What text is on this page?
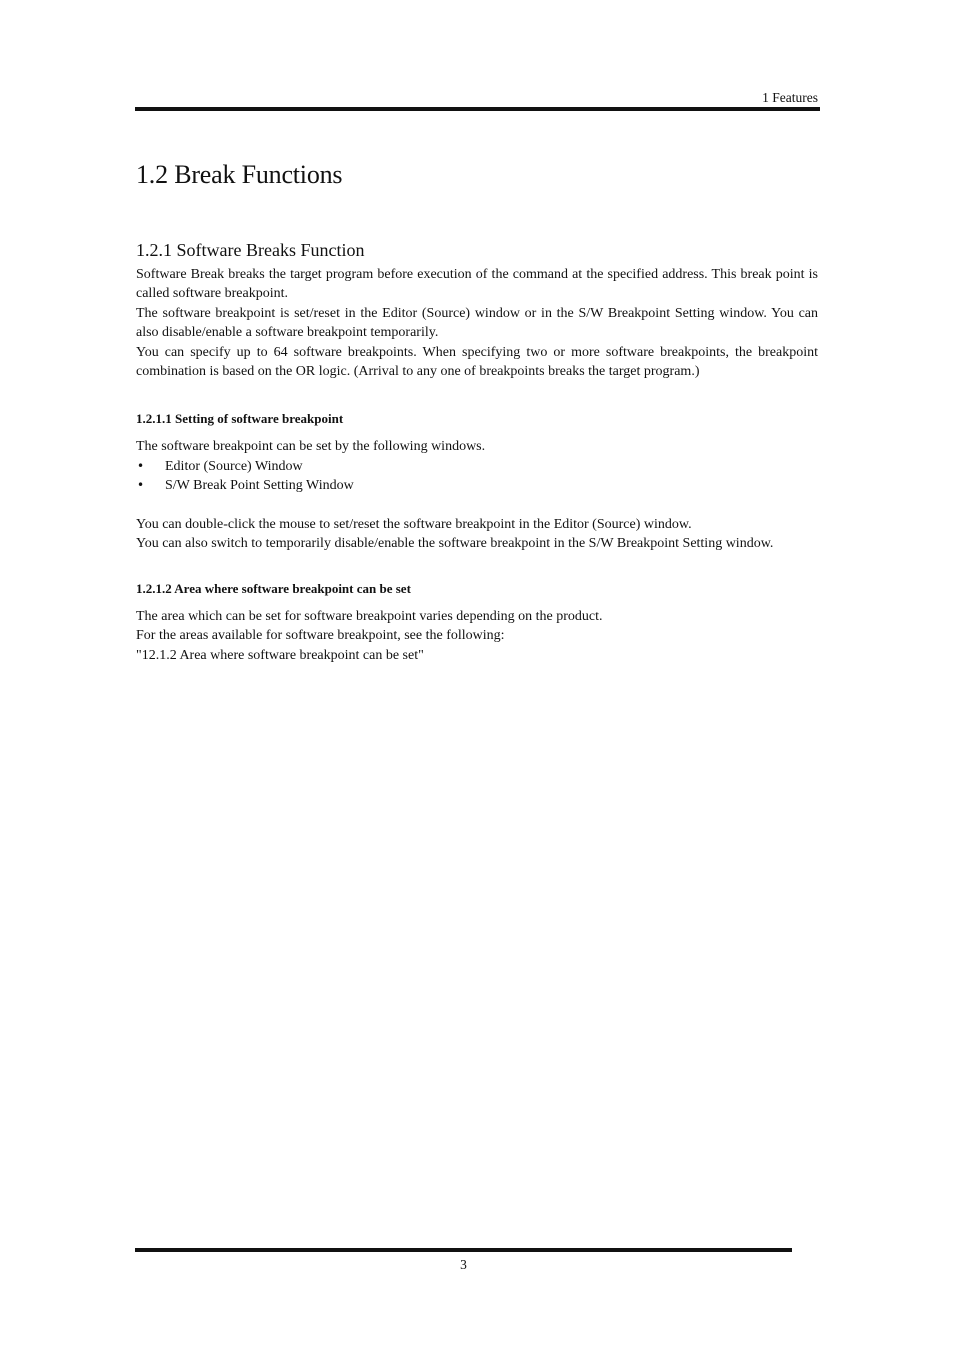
1 Features
1.2 Break Functions
1.2.1 Software Breaks Function

Software Break breaks the target program before execution of the command at the specified address. This break point is called software breakpoint.

The software breakpoint is set/reset in the Editor (Source) window or in the S/W Breakpoint Setting window. You can also disable/enable a software breakpoint temporarily.

You can specify up to 64 software breakpoints. When specifying two or more software breakpoints, the breakpoint combination is based on the OR logic. (Arrival to any one of breakpoints breaks the target program.)

1.2.1.1 Setting of software breakpoint

The software breakpoint can be set by the following windows.

• Editor (Source) Window
• S/W Break Point Setting Window

You can double-click the mouse to set/reset the software breakpoint in the Editor (Source) window.

You can also switch to temporarily disable/enable the software breakpoint in the S/W Breakpoint Setting window.

1.2.1.2 Area where software breakpoint can be set

The area which can be set for software breakpoint varies depending on the product.

For the areas available for software breakpoint, see the following:

"12.1.2 Area where software breakpoint can be set"

3
